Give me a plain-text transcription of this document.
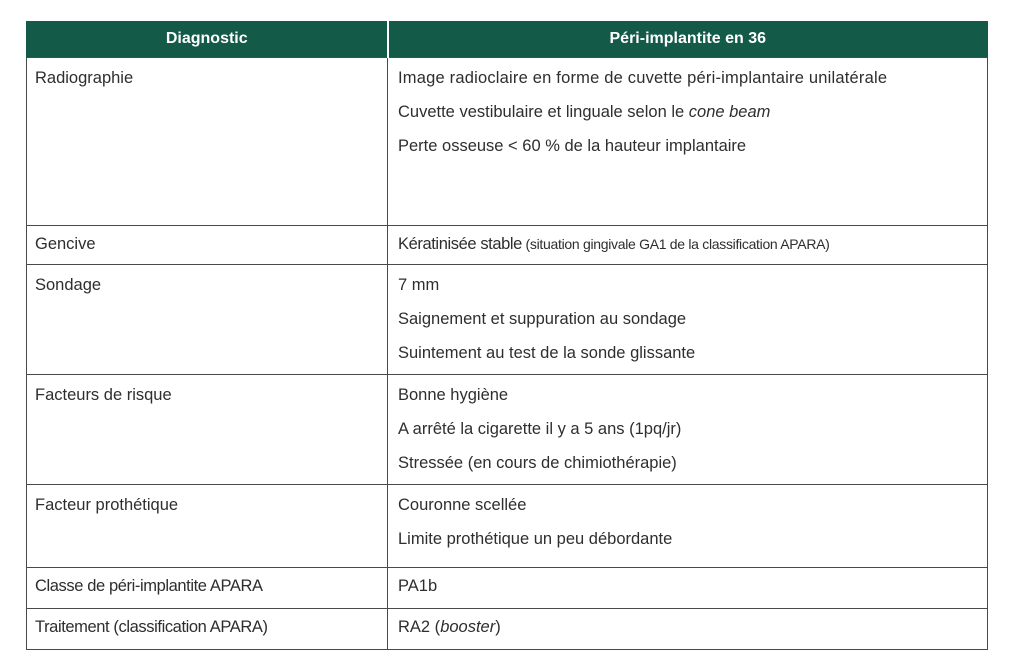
Diagnostic	Péri-implantite en 36
Radiographie	Image radioclaire en forme de cuvette péri-implantaire unilatérale
Cuvette vestibulaire et linguale selon le cone beam
Perte osseuse < 60 % de la hauteur implantaire

Gencive	Kératinisée stable (situation gingivale GA1 de la classification APARA)
Sondage	7 mm
Saignement et suppuration au sondage
Suintement au test de la sonde glissante

Facteurs de risque	Bonne hygiène
A arrêté la cigarette il y a 5 ans (1pq/jr)
Stressée (en cours de chimiothérapie)

Facteur prothétique	Couronne scellée
Limite prothétique un peu débordante

Classe de péri-implantite APARA	PA1b
Traitement (classification APARA)	RA2 (booster)
